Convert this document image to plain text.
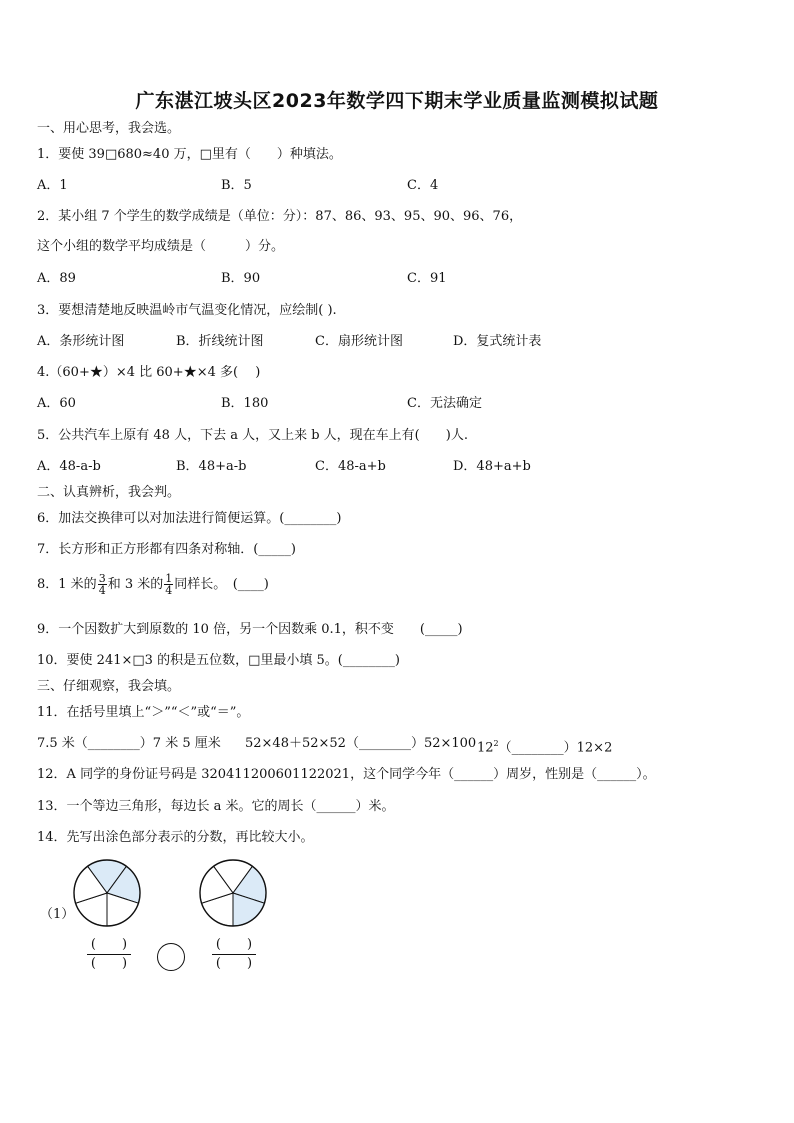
广东湛江坡头区2023年数学四下期末学业质量监测模拟试题
一、用心思考，我会选。
1．要使 39□680≈40 万，□里有（　　）种填法。
A．1	B．5	C．4
2．某小组 7 个学生的数学成绩是（单位：分）：87、86、93、95、90、96、76，
这个小组的数学平均成绩是（　　　）分。
A．89	B．90	C．91
3．要想清楚地反映温岭市气温变化情况，应绘制( ).
A．条形统计图	B．折线统计图	C．扇形统计图	D．复式统计表
4.（60+★）×4 比 60+★×4 多(　 )
A．60	B．180	C．无法确定
5．公共汽车上原有 48 人，下去 a 人，又上来 b 人，现在车上有(　　)人.
A．48-a-b	B．48+a-b	C．48-a+b	D．48+a+b
二、认真辨析，我会判。
6．加法交换律可以对加法进行简便运算。(________)
7．长方形和正方形都有四条对称轴．(_____)
8．1 米的 $\frac{3}{4}$ 和 3 米的 $\frac{1}{4}$ 同样长。　(____)
9．一个因数扩大到原数的 10 倍，另一个因数乘 0.1，积不变　　(_____)
10．要使 241×□3 的积是五位数，□里最小填 5。(________)
三、仔细观察，我会填。
11．在括号里填上“＞”“＜”或“＝”。
7.5 米（________）7 米 5 厘米 52×48＋52×52（________）52×100 $12^2(\_\_\_\_\_\_\_\_)12\times 2$
12．A 同学的身份证号码是 320411200601122021，这个同学今年（______）周岁，性别是（______）。
13．一个等边三角形，每边长 a 米。它的周长（______）米。
14．先写出涂色部分表示的分数，再比较大小。
（1）
(　　)
(　　)
(　　)
(　　)
